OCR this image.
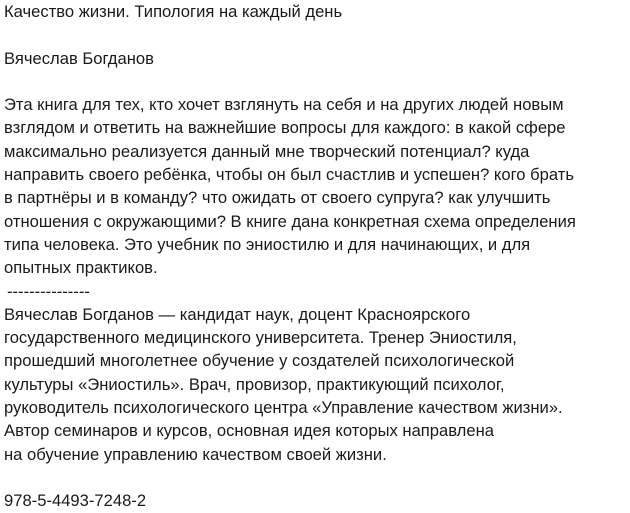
Качество жизни. Типология на каждый день
Вячеслав Богданов
Эта книга для тех, кто хочет взглянуть на себя и на других людей новым
взглядом и ответить на важнейшие вопросы для каждого: в какой сфере
максимально реализуется данный мне творческий потенциал? куда
направить своего ребёнка, чтобы он был счастлив и успешен? кого брать
в партнёры и в команду? что ожидать от своего супруга? как улучшить
отношения с окружающими? В книге дана конкретная схема определения
типа человека. Это учебник по эниостилю и для начинающих, и для
опытных практиков.
---------------
Вячеслав Богданов — кандидат наук, доцент Красноярского
государственного медицинского университета. Тренер Эниостиля,
прошедший многолетнее обучение у создателей психологической
культуры «Эниостиль». Врач, провизор, практикующий психолог,
руководитель психологического центра «Управление качеством жизни».
Автор семинаров и курсов, основная идея которых направлена
на обучение управлению качеством своей жизни.
978-5-4493-7248-2
